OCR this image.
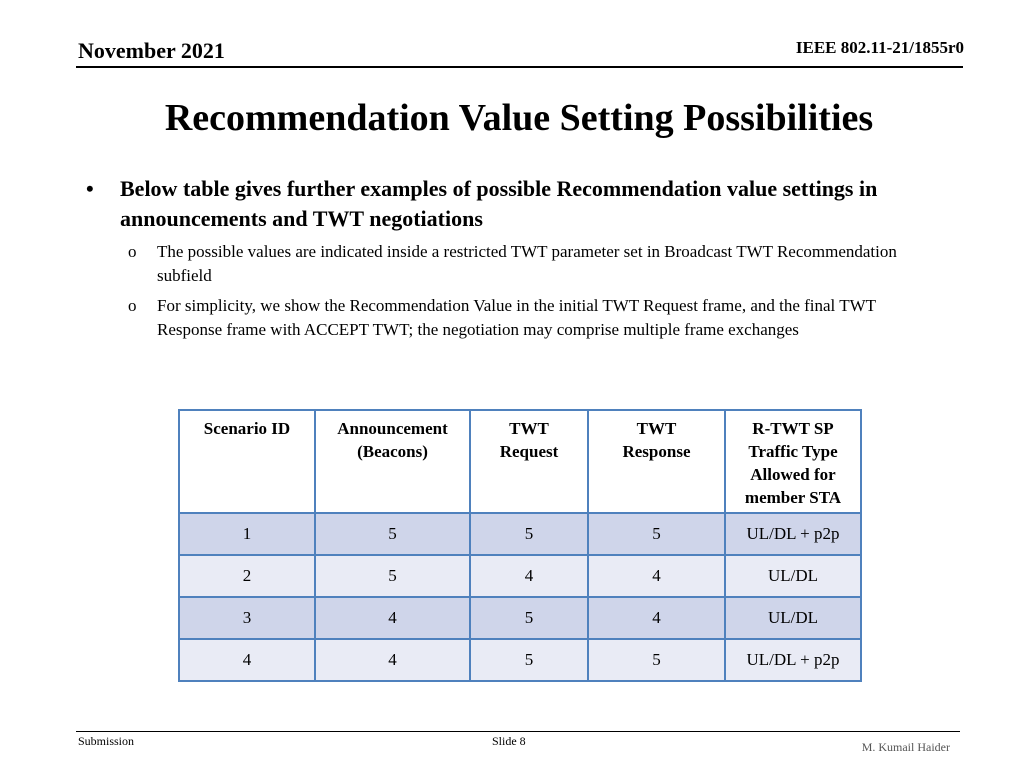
November 2021	IEEE 802.11-21/1855r0
Recommendation Value Setting Possibilities
•	Below table gives further examples of possible Recommendation value settings in announcements and TWT negotiations
o	The possible values are indicated inside a restricted TWT parameter set in Broadcast TWT Recommendation subfield
o	For simplicity, we show the Recommendation Value in the initial TWT Request frame, and the final TWT Response frame with ACCEPT TWT; the negotiation may comprise multiple frame exchanges
Scenario ID	Announcement (Beacons)	TWT Request	TWT Response	R-TWT SP Traffic Type Allowed for member STA

1	5	5	5	UL/DL + p2p
2	5	4	4	UL/DL
3	4	5	4	UL/DL
4	4	5	5	UL/DL + p2p
Submission	Slide 8	M. Kumail Haider
